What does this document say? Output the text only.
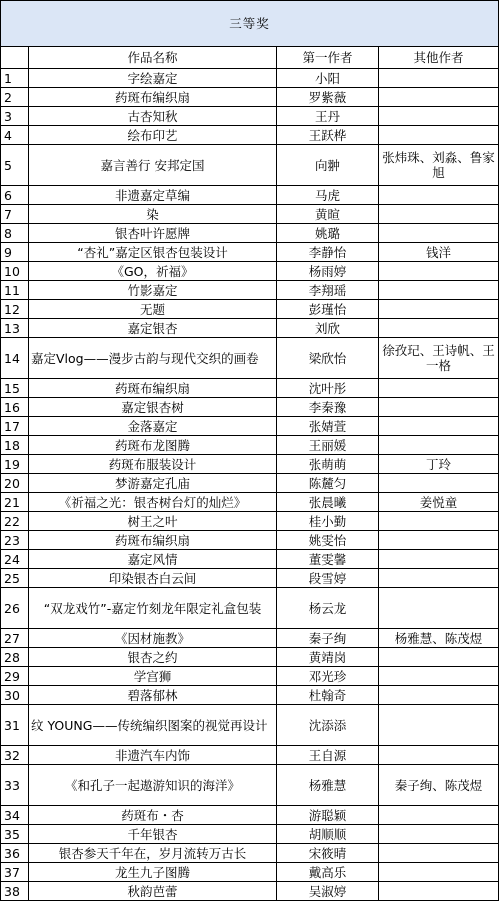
三等奖			
	作品名称	第一作者	其他作者
1	字绘嘉定	小阳	
2	药斑布编织扇	罗紫薇	
3	古杏知秋	王丹	
4	绘布印艺	王跃桦	
5	嘉言善行 安邦定国	向翀	张炜珠、刘淼、鲁家旭
6	非遗嘉定草编	马虎	
7	染	黄暄	
8	银杏叶许愿牌	姚璐	
9	“杏礼”嘉定区银杏包装设计	李静怡	钱洋
10	《GO，祈福》	杨雨婷	
11	竹影嘉定	李翔瑶	
12	无题	彭瑾怡	
13	嘉定银杏	刘欣	
14	嘉定Vlog——漫步古韵与现代交织的画卷	梁欣怡	徐孜玘、王诗帆、王一格
15	药斑布编织扇	沈叶彤	
16	嘉定银杏树	李秦豫	
17	金落嘉定	张婧萱	
18	药斑布龙图腾	王丽媛	
19	药斑布服装设计	张萌萌	丁玲
20	梦游嘉定孔庙	陈麓匀	
21	《祈福之光：银杏树台灯的灿烂》	张晨曦	姜悦童
22	树王之叶	桂小勤	
23	药斑布编织扇	姚雯怡	
24	嘉定风情	董雯馨	
25	印染银杏白云间	段雪婷	
26	“双龙戏竹”-嘉定竹刻龙年限定礼盒包装	杨云龙	
27	《因材施教》	秦子绚	杨雅慧、陈茂煜
28	银杏之约	黄靖岗	
29	学宫狮	邓光珍	
30	碧落郁林	杜翰奇	
31	纹 YOUNG——传统编织图案的视觉再设计	沈添添	
32	非遗汽车内饰	王自源	
33	《和孔子一起遨游知识的海洋》	杨雅慧	秦子绚、陈茂煜
34	药斑布・杏	游聪颖	
35	千年银杏	胡顺顺	
36	银杏参天千年在，岁月流转万古长	宋筱晴	
37	龙生九子图腾	戴高乐	
38	秋韵芭蕾	吴淑婷	
